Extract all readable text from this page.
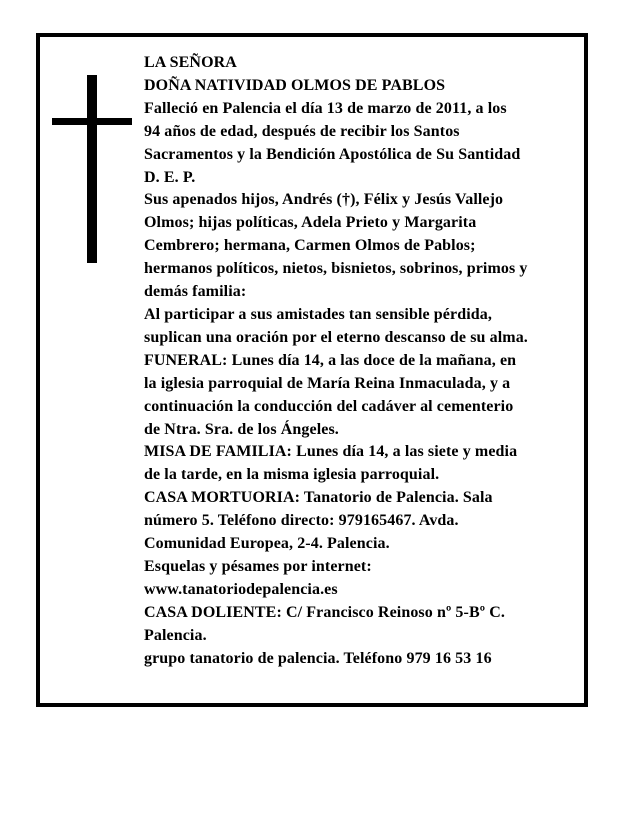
LA SEÑORA
DOÑA NATIVIDAD OLMOS DE PABLOS
Falleció en Palencia el día 13 de marzo de 2011, a los
94 años de edad, después de recibir los Santos
Sacramentos y la Bendición Apostólica de Su Santidad
D. E. P.
Sus apenados hijos, Andrés (†), Félix y Jesús Vallejo
Olmos; hijas políticas, Adela Prieto y Margarita
Cembrero; hermana, Carmen Olmos de Pablos;
hermanos políticos, nietos, bisnietos, sobrinos, primos y
demás familia:
Al participar a sus amistades tan sensible pérdida,
suplican una oración por el eterno descanso de su alma.
FUNERAL: Lunes día 14, a las doce de la mañana, en
la iglesia parroquial de María Reina Inmaculada, y a
continuación la conducción del cadáver al cementerio
de Ntra. Sra. de los Ángeles.
MISA DE FAMILIA: Lunes día 14, a las siete y media
de la tarde, en la misma iglesia parroquial.
CASA MORTUORIA: Tanatorio de Palencia. Sala
número 5. Teléfono directo: 979165467. Avda.
Comunidad Europea, 2-4. Palencia.
Esquelas y pésames por internet:
www.tanatoriodepalencia.es
CASA DOLIENTE: C/ Francisco Reinoso nº 5-Bº C.
Palencia.
grupo tanatorio de palencia. Teléfono 979 16 53 16
